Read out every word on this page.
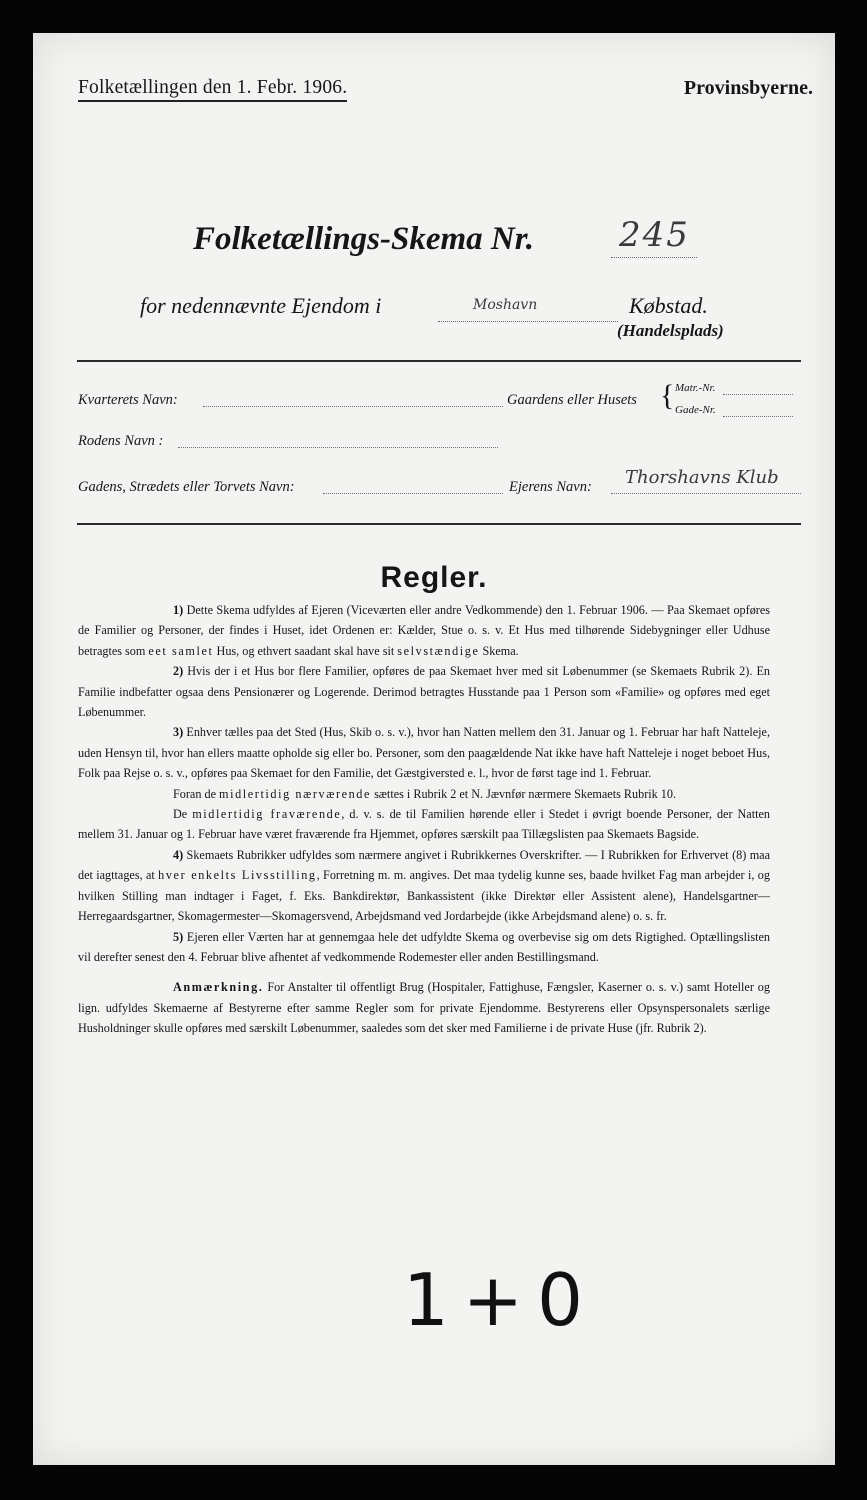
Folketællingen den 1. Febr. 1906.	Provinsbyerne.
Folketællings-Skema Nr. 245
for nedennævnte Ejendom i	Moshavn	Købstad.
(Handelsplads)
Kvarterets Navn:	Gaardens eller Husets { Matr.-Nr.
Gade-Nr.
Rodens Navn :
Gadens, Strædets eller Torvets Navn:	Ejerens Navn: Thorshavns Klub
Regler.

1) Dette Skema udfyldes af Ejeren (Viceværten eller andre Vedkommende) den 1. Februar 1906. — Paa Skemaet opføres de Familier og Personer, der findes i Huset, idet Ordenen er: Kælder, Stue o. s. v. Et Hus med tilhørende Sidebygninger eller Udhuse betragtes som eet samlet Hus, og ethvert saadant skal have sit selvstændige Skema.

2) Hvis der i et Hus bor flere Familier, opføres de paa Skemaet hver med sit Løbenummer (se Skemaets Rubrik 2). En Familie indbefatter ogsaa dens Pensionærer og Logerende. Derimod betragtes Husstande paa 1 Person som «Familie» og opføres med eget Løbenummer.

3) Enhver tælles paa det Sted (Hus, Skib o. s. v.), hvor han Natten mellem den 31. Januar og 1. Februar har haft Natteleje, uden Hensyn til, hvor han ellers maatte opholde sig eller bo. Personer, som den paagældende Nat ikke have haft Natteleje i noget beboet Hus, Folk paa Rejse o. s. v., opføres paa Skemaet for den Familie, det Gæstgiversted e. l., hvor de først tage ind 1. Februar.

Foran de midlertidig nærværende sættes i Rubrik 2 et N. Jævnfør nærmere Skemaets Rubrik 10.

De midlertidig fraværende, d. v. s. de til Familien hørende eller i Stedet i øvrigt boende Personer, der Natten mellem 31. Januar og 1. Februar have været fraværende fra Hjemmet, opføres særskilt paa Tillægslisten paa Skemaets Bagside.

4) Skemaets Rubrikker udfyldes som nærmere angivet i Rubrikkernes Overskrifter. — I Rubrikken for Erhvervet (8) maa det iagttages, at hver enkelts Livsstilling, Forretning m. m. angives. Det maa tydelig kunne ses, baade hvilket Fag man arbejder i, og hvilken Stilling man indtager i Faget, f. Eks. Bankdirektør, Bankassistent (ikke Direktør eller Assistent alene), Handelsgartner—Herregaardsgartner, Skomagermester—Skomagersvend, Arbejdsmand ved Jordarbejde (ikke Arbejdsmand alene) o. s. fr.

5) Ejeren eller Værten har at gennemgaa hele det udfyldte Skema og overbevise sig om dets Rigtighed. Optællingslisten vil derefter senest den 4. Februar blive afhentet af vedkommende Rodemester eller anden Bestillingsmand.

Anmærkning. For Anstalter til offentligt Brug (Hospitaler, Fattighuse, Fængsler, Kaserner o. s. v.) samt Hoteller og lign. udfyldes Skemaerne af Bestyrerne efter samme Regler som for private Ejendomme. Bestyrerens eller Opsynspersonalets særlige Husholdninger skulle opføres med særskilt Løbenummer, saaledes som det sker med Familierne i de private Huse (jfr. Rubrik 2).

1+0
